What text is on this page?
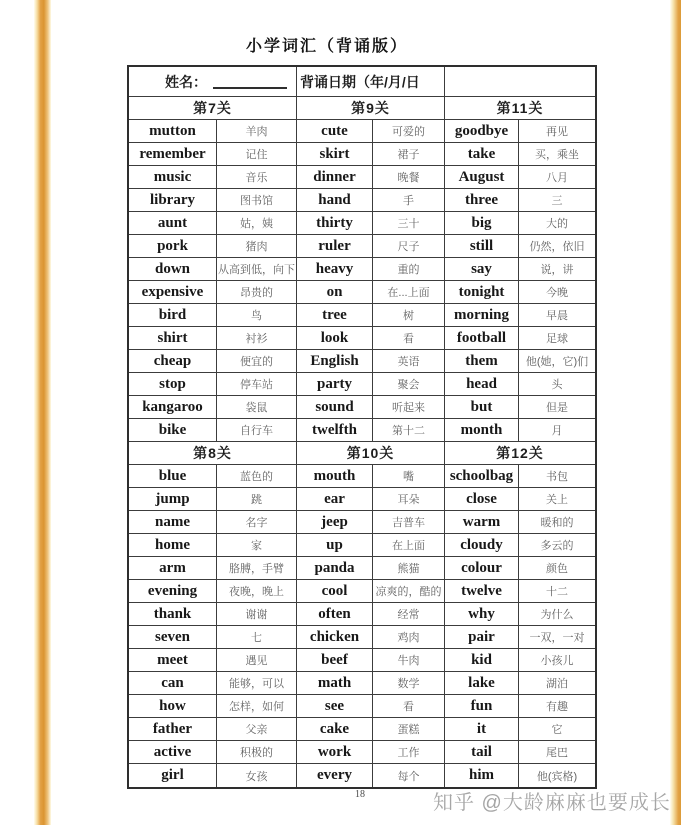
小学词汇（背诵版）
姓名：	背诵日期（年/月/日
第7关	第9关	第11关
mutton	羊肉	cute	可爱的	goodbye	再见
remember	记住	skirt	裙子	take	买，乘坐
music	音乐	dinner	晚餐	August	八月
library	图书馆	hand	手	three	三
aunt	姑，姨	thirty	三十	big	大的
pork	猪肉	ruler	尺子	still	仍然，依旧
down	从高到低，向下	heavy	重的	say	说，讲
expensive	昂贵的	on	在...上面	tonight	今晚
bird	鸟	tree	树	morning	早晨
shirt	衬衫	look	看	football	足球
cheap	便宜的	English	英语	them	他(她，它)们
stop	停车站	party	聚会	head	头
kangaroo	袋鼠	sound	听起来	but	但是
bike	自行车	twelfth	第十二	month	月
第8关	第10关	第12关
blue	蓝色的	mouth	嘴	schoolbag	书包
jump	跳	ear	耳朵	close	关上
name	名字	jeep	吉普车	warm	暖和的
home	家	up	在上面	cloudy	多云的
arm	胳膊，手臂	panda	熊猫	colour	颜色
evening	夜晚，晚上	cool	凉爽的，酷的	twelve	十二
thank	谢谢	often	经常	why	为什么
seven	七	chicken	鸡肉	pair	一双，一对
meet	遇见	beef	牛肉	kid	小孩儿
can	能够，可以	math	数学	lake	湖泊
how	怎样，如何	see	看	fun	有趣
father	父亲	cake	蛋糕	it	它
active	积极的	work	工作	tail	尾巴
girl	女孩	every	每个	him	他(宾格)
18	知乎 @大龄麻麻也要成长
